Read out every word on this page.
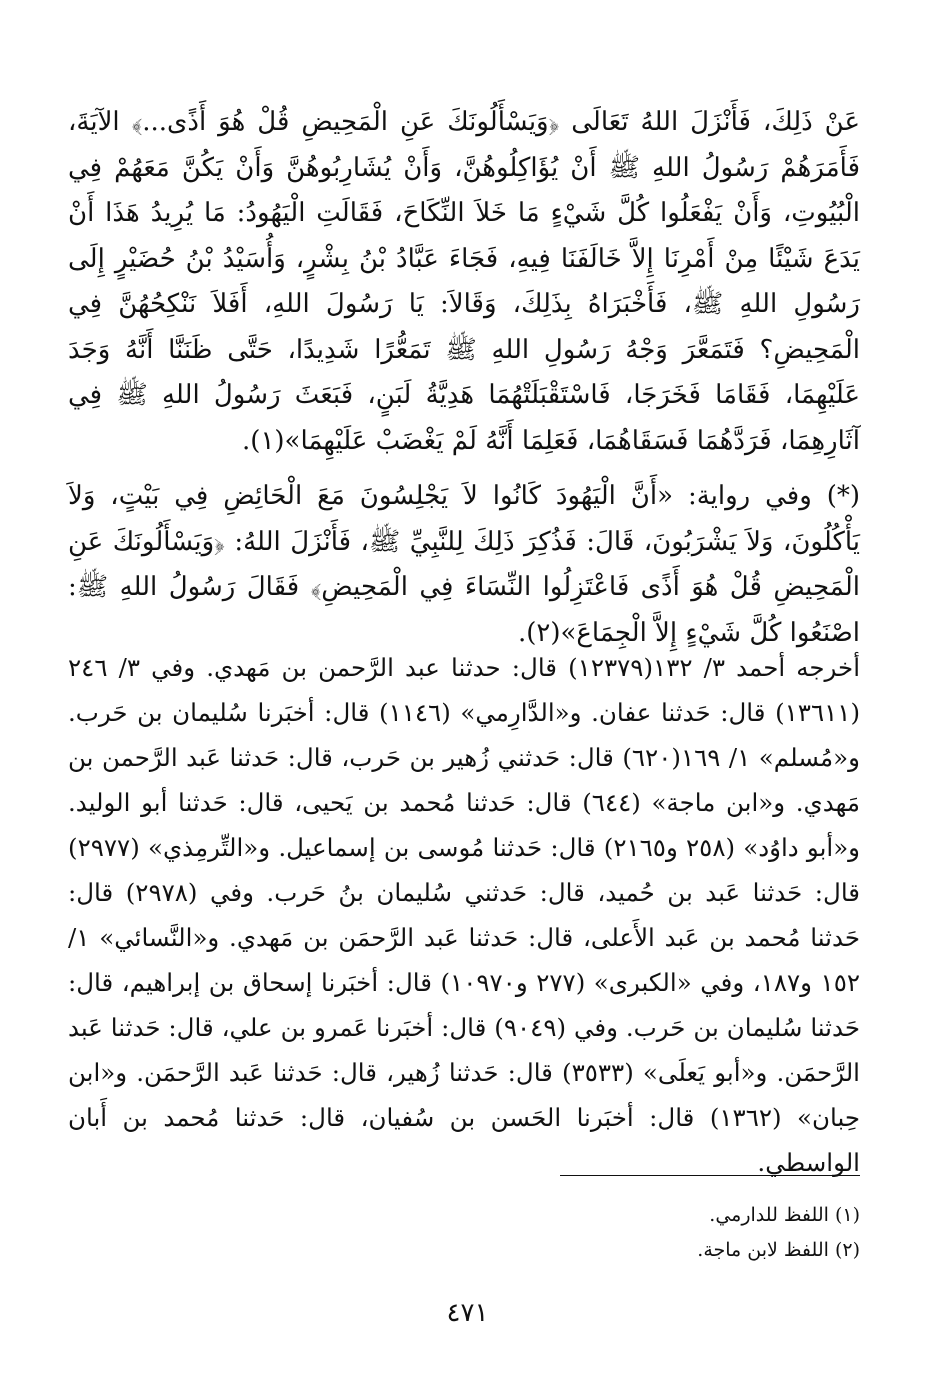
عَنْ ذَلِكَ، فَأَنْزَلَ اللهُ تَعَالَى ﴿وَيَسْأَلُونَكَ عَنِ الْمَحِيضِ قُلْ هُوَ أَذًى...﴾ الآيَةَ، فَأَمَرَهُمْ رَسُولُ اللهِ ﷺ أَنْ يُؤَاكِلُوهُنَّ، وَأَنْ يُشَارِبُوهُنَّ وَأَنْ يَكُنَّ مَعَهُمْ فِي الْبُيُوتِ، وَأَنْ يَفْعَلُوا كُلَّ شَيْءٍ مَا خَلاَ النِّكَاحَ، فَقَالَتِ الْيَهُودُ: مَا يُرِيدُ هَذَا أَنْ يَدَعَ شَيْئًا مِنْ أَمْرِنَا إِلاَّ خَالَفَنَا فِيهِ، فَجَاءَ عَبَّادُ بْنُ بِشْرٍ، وَأُسَيْدُ بْنُ حُضَيْرٍ إِلَى رَسُولِ اللهِ ﷺ، فَأَخْبَرَاهُ بِذَلِكَ، وَقَالاَ: يَا رَسُولَ اللهِ، أَفَلاَ نَنْكِحُهُنَّ فِي الْمَحِيضِ؟ فَتَمَعَّرَ وَجْهُ رَسُولِ اللهِ ﷺ تَمَعُّرًا شَدِيدًا، حَتَّى ظَنَنَّا أَنَّهُ وَجَدَ عَلَيْهِمَا، فَقَامَا فَخَرَجَا، فَاسْتَقْبَلَتْهُمَا هَدِيَّةُ لَبَنٍ، فَبَعَثَ رَسُولُ اللهِ ﷺ فِي آثَارِهِمَا، فَرَدَّهُمَا فَسَقَاهُمَا، فَعَلِمَا أَنَّهُ لَمْ يَغْضَبْ عَلَيْهِمَا»(١).

(*) وفي رواية: «أَنَّ الْيَهُودَ كَانُوا لاَ يَجْلِسُونَ مَعَ الْحَائِضِ فِي بَيْتٍ، وَلاَ يَأْكُلُونَ، وَلاَ يَشْرَبُونَ، قَالَ: فَذُكِرَ ذَلِكَ لِلنَّبِيِّ ﷺ، فَأَنْزَلَ اللهُ: ﴿وَيَسْأَلُونَكَ عَنِ الْمَحِيضِ قُلْ هُوَ أَذًى فَاعْتَزِلُوا النِّسَاءَ فِي الْمَحِيضِ﴾ فَقَالَ رَسُولُ اللهِ ﷺ: اصْنَعُوا كُلَّ شَيْءٍ إِلاَّ الْجِمَاعَ»(٢).

أخرجه أحمد ٣/ ١٣٢(١٢٣٧٩) قال: حدثنا عبد الرَّحمن بن مَهدي. وفي ٣/ ٢٤٦ (١٣٦١١) قال: حَدثنا عفان. و«الدَّارِمي» (١١٤٦) قال: أخبَرنا سُليمان بن حَرب. و«مُسلم» ١/ ١٦٩(٦٢٠) قال: حَدثني زُهير بن حَرب، قال: حَدثنا عَبد الرَّحمن بن مَهدي. و«ابن ماجة» (٦٤٤) قال: حَدثنا مُحمد بن يَحيى، قال: حَدثنا أبو الوليد. و«أبو داوُد» (٢٥٨ و٢١٦٥) قال: حَدثنا مُوسى بن إسماعيل. و«التِّرمِذي» (٢٩٧٧) قال: حَدثنا عَبد بن حُميد، قال: حَدثني سُليمان بنُ حَرب. وفي (٢٩٧٨) قال: حَدثنا مُحمد بن عَبد الأَعلى، قال: حَدثنا عَبد الرَّحمَن بن مَهدي. و«النَّسائي» ١/ ١٥٢ و١٨٧، وفي «الكبرى» (٢٧٧ و١٠٩٧٠) قال: أخبَرنا إسحاق بن إبراهيم، قال: حَدثنا سُليمان بن حَرب. وفي (٩٠٤٩) قال: أخبَرنا عَمرو بن علي، قال: حَدثنا عَبد الرَّحمَن. و«أبو يَعلَى» (٣٥٣٣) قال: حَدثنا زُهير، قال: حَدثنا عَبد الرَّحمَن. و«ابن حِبان» (١٣٦٢) قال: أخبَرنا الحَسن بن سُفيان، قال: حَدثنا مُحمد بن أَبان الواسطي.

(١) اللفظ للدارمي.
(٢) اللفظ لابن ماجة.
٤٧١
